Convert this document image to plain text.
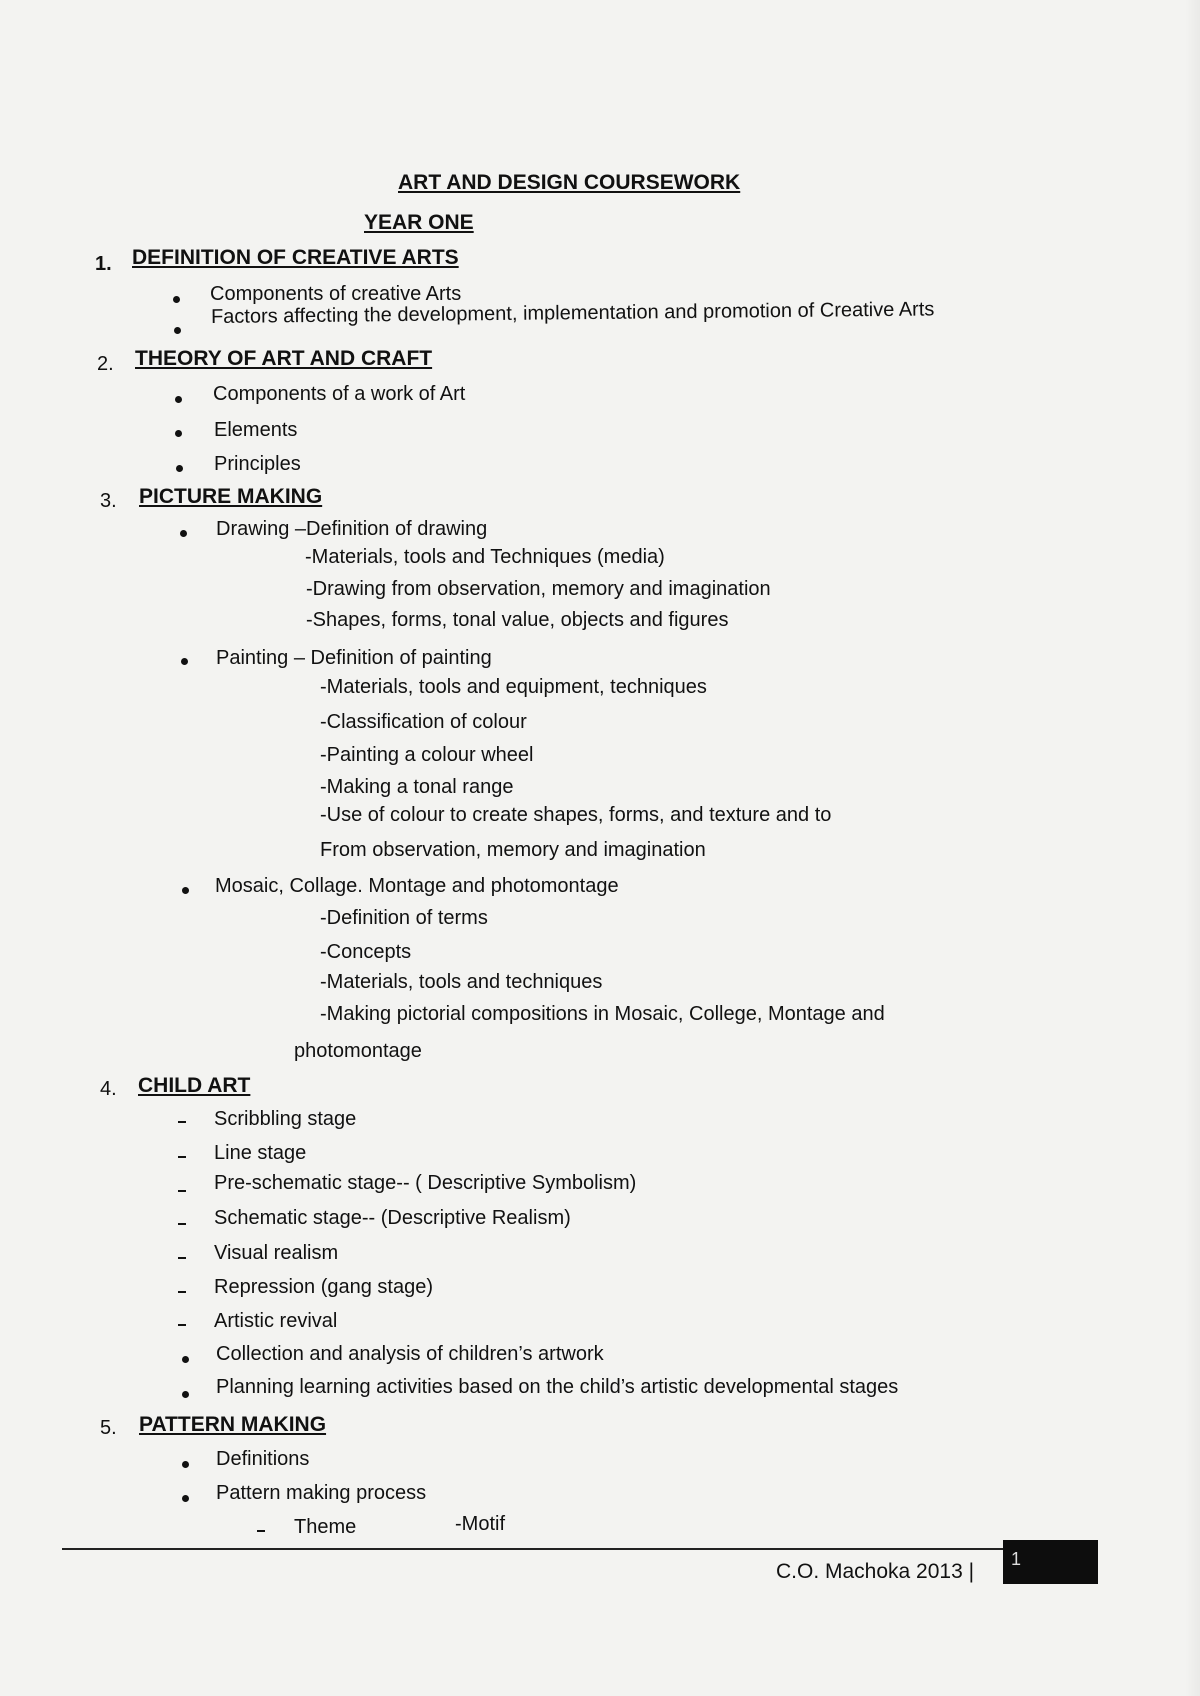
ART AND DESIGN COURSEWORK
YEAR ONE
1. DEFINITION OF CREATIVE ARTS
Components of creative Arts
Factors affecting the development, implementation and promotion of Creative Arts
2. THEORY OF ART AND CRAFT
Components of a work of Art
Elements
Principles
3. PICTURE MAKING
Drawing –Definition of drawing
-Materials, tools and Techniques (media)
-Drawing from observation, memory and imagination
-Shapes, forms, tonal value, objects and figures
Painting – Definition of painting
-Materials, tools and equipment, techniques
-Classification of colour
-Painting a colour wheel
-Making a tonal range
-Use of colour to create shapes, forms, and texture and to
From observation, memory and imagination
Mosaic, Collage. Montage and photomontage
-Definition of terms
-Concepts
-Materials, tools and techniques
-Making pictorial compositions in Mosaic, College, Montage and
photomontage
4. CHILD ART
Scribbling stage
Line stage
Pre-schematic stage-- ( Descriptive Symbolism)
Schematic stage-- (Descriptive Realism)
Visual realism
Repression (gang stage)
Artistic revival
Collection and analysis of children’s artwork
Planning learning activities based on the child’s artistic developmental stages
5. PATTERN MAKING
Definitions
Pattern making process
Theme	-Motif
C.O. Machoka 2013 |
1
